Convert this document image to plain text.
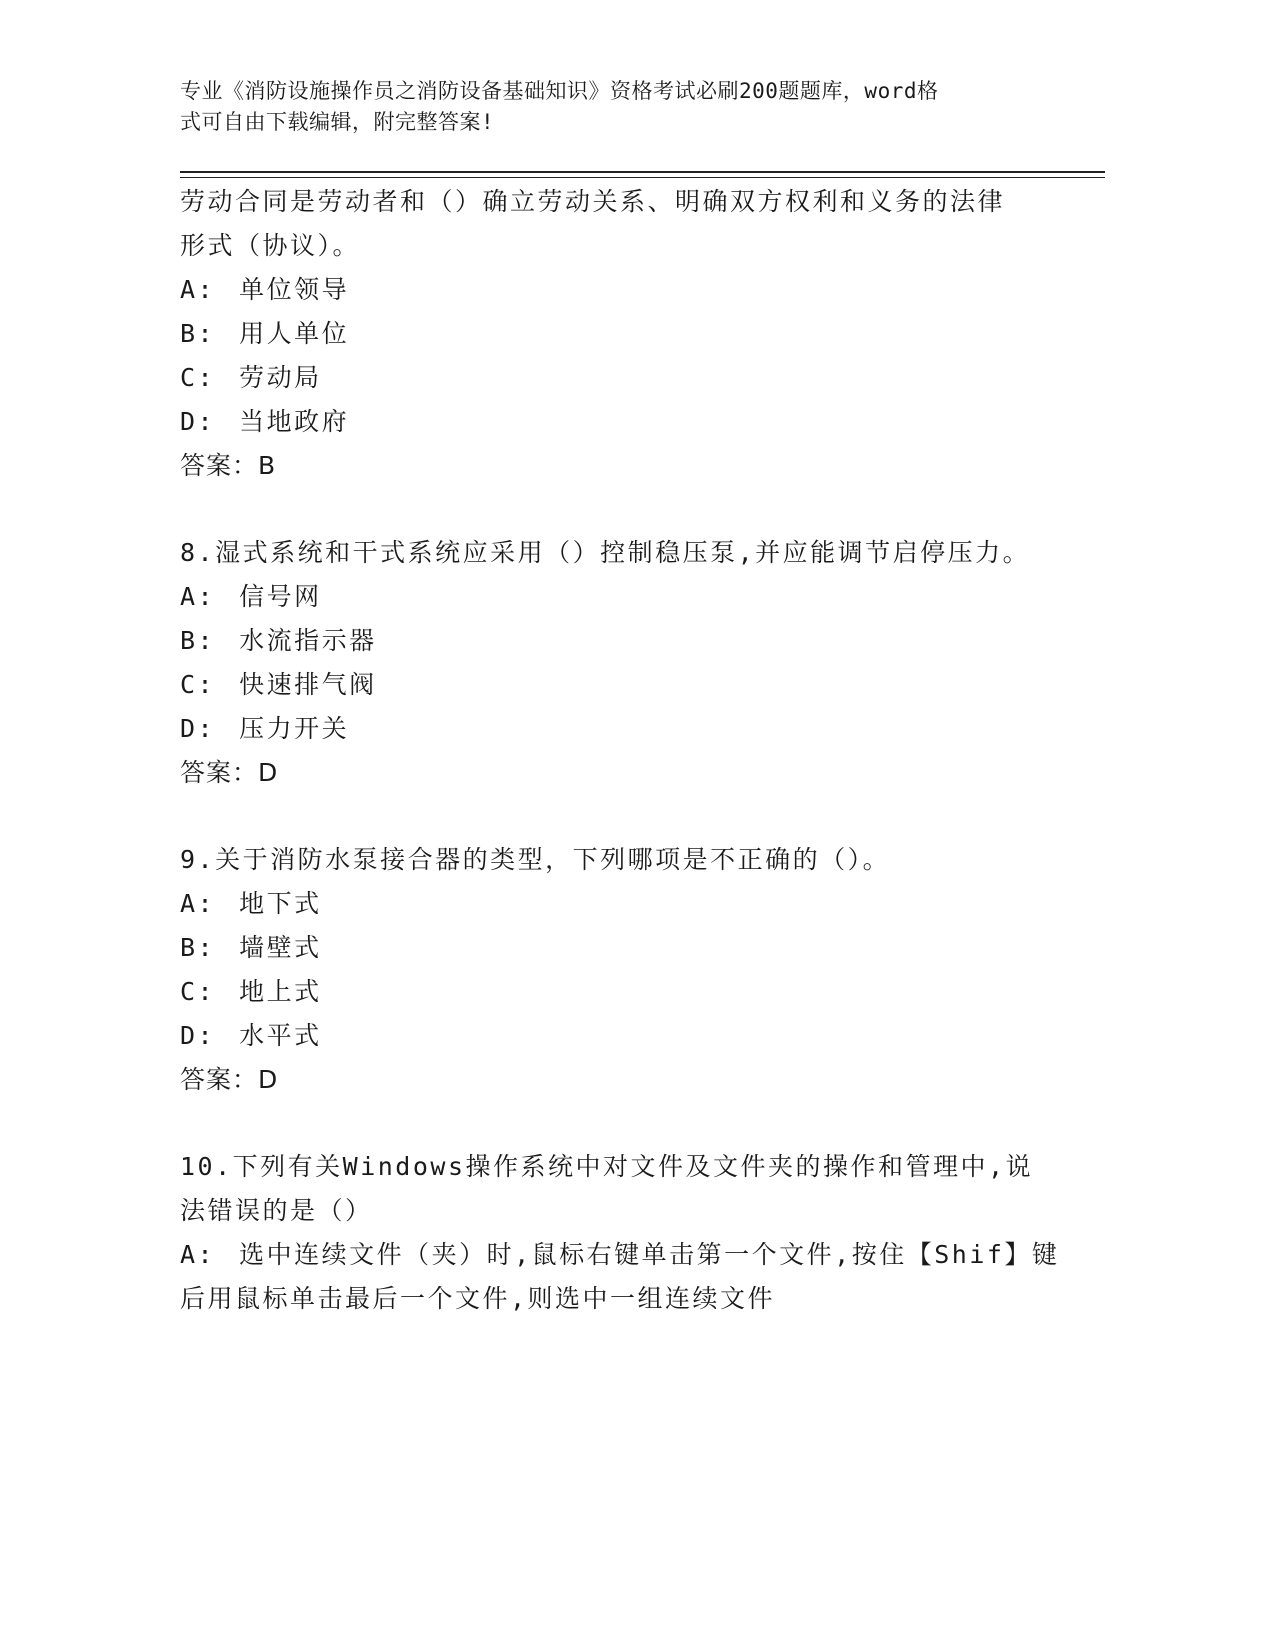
专业《消防设施操作员之消防设备基础知识》资格考试必刷200题题库，word格
式可自由下载编辑，附完整答案!
劳动合同是劳动者和（）确立劳动关系、明确双方权利和义务的法律
形式（协议）。
A: 单位领导
B: 用人单位
C: 劳动局
D: 当地政府
答案：B
8.湿式系统和干式系统应采用（）控制稳压泵,并应能调节启停压力。
A: 信号网
B: 水流指示器
C: 快速排气阀
D: 压力开关
答案：D
9.关于消防水泵接合器的类型，下列哪项是不正确的（）。
A: 地下式
B: 墙壁式
C: 地上式
D: 水平式
答案：D
10.下列有关Windows操作系统中对文件及文件夹的操作和管理中,说
法错误的是（）
A: 选中连续文件（夹）时,鼠标右键单击第一个文件,按住【Shif】键
后用鼠标单击最后一个文件,则选中一组连续文件
